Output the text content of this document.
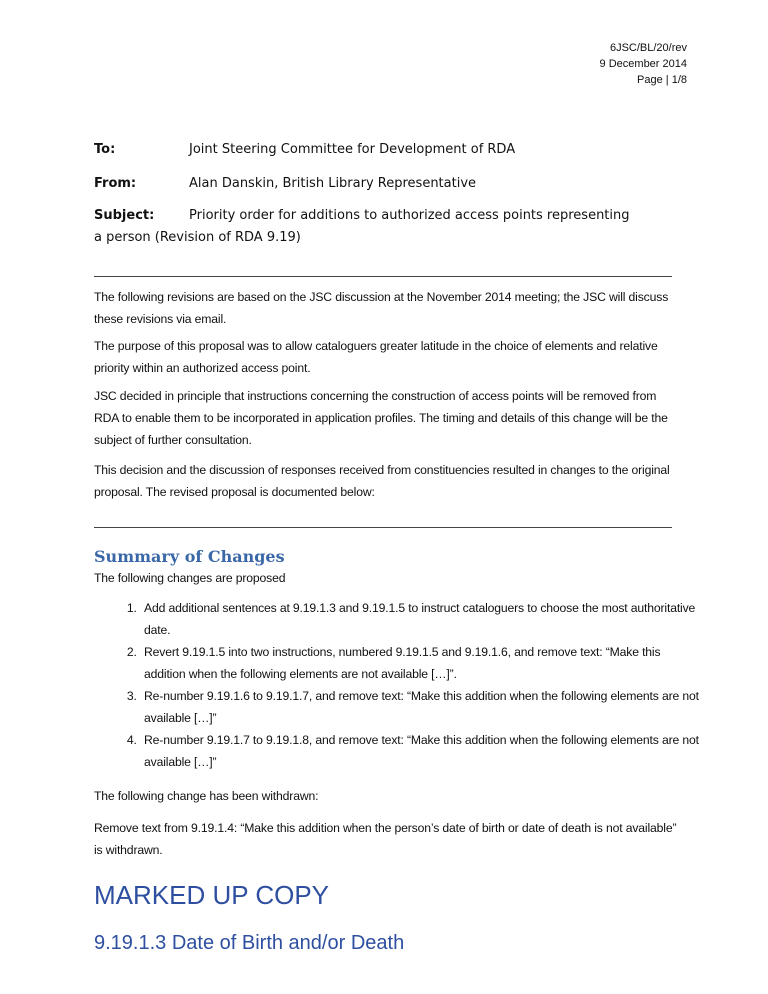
6JSC/BL/20/rev
9 December 2014
Page | 1/8
To:	Joint Steering Committee for Development of RDA
From:	Alan Danskin, British Library Representative
Subject:	Priority order for additions to authorized access points representing
a person (Revision of RDA 9.19)
The following revisions are based on the JSC discussion at the November 2014 meeting; the JSC will discuss these revisions via email.
The purpose of this proposal was to allow cataloguers greater latitude in the choice of elements and relative priority within an authorized access point.
JSC decided in principle that instructions concerning the construction of access points will be removed from RDA to enable them to be incorporated in application profiles. The timing and details of this change will be the subject of further consultation.
This decision and the discussion of responses received from constituencies resulted in changes to the original proposal. The revised proposal is documented below:
Summary of Changes
The following changes are proposed
1. Add additional sentences at 9.19.1.3 and 9.19.1.5 to instruct cataloguers to choose the most authoritative date.
2. Revert 9.19.1.5 into two instructions, numbered 9.19.1.5 and 9.19.1.6, and remove text: “Make this addition when the following elements are not available […]”.
3. Re-number 9.19.1.6 to 9.19.1.7, and remove text: “Make this addition when the following elements are not available […]”
4. Re-number 9.19.1.7 to 9.19.1.8, and remove text: “Make this addition when the following elements are not available […]”
The following change has been withdrawn:
Remove text from 9.19.1.4: “Make this addition when the person’s date of birth or date of death is not available” is withdrawn.
MARKED UP COPY
9.19.1.3 Date of Birth and/or Death
